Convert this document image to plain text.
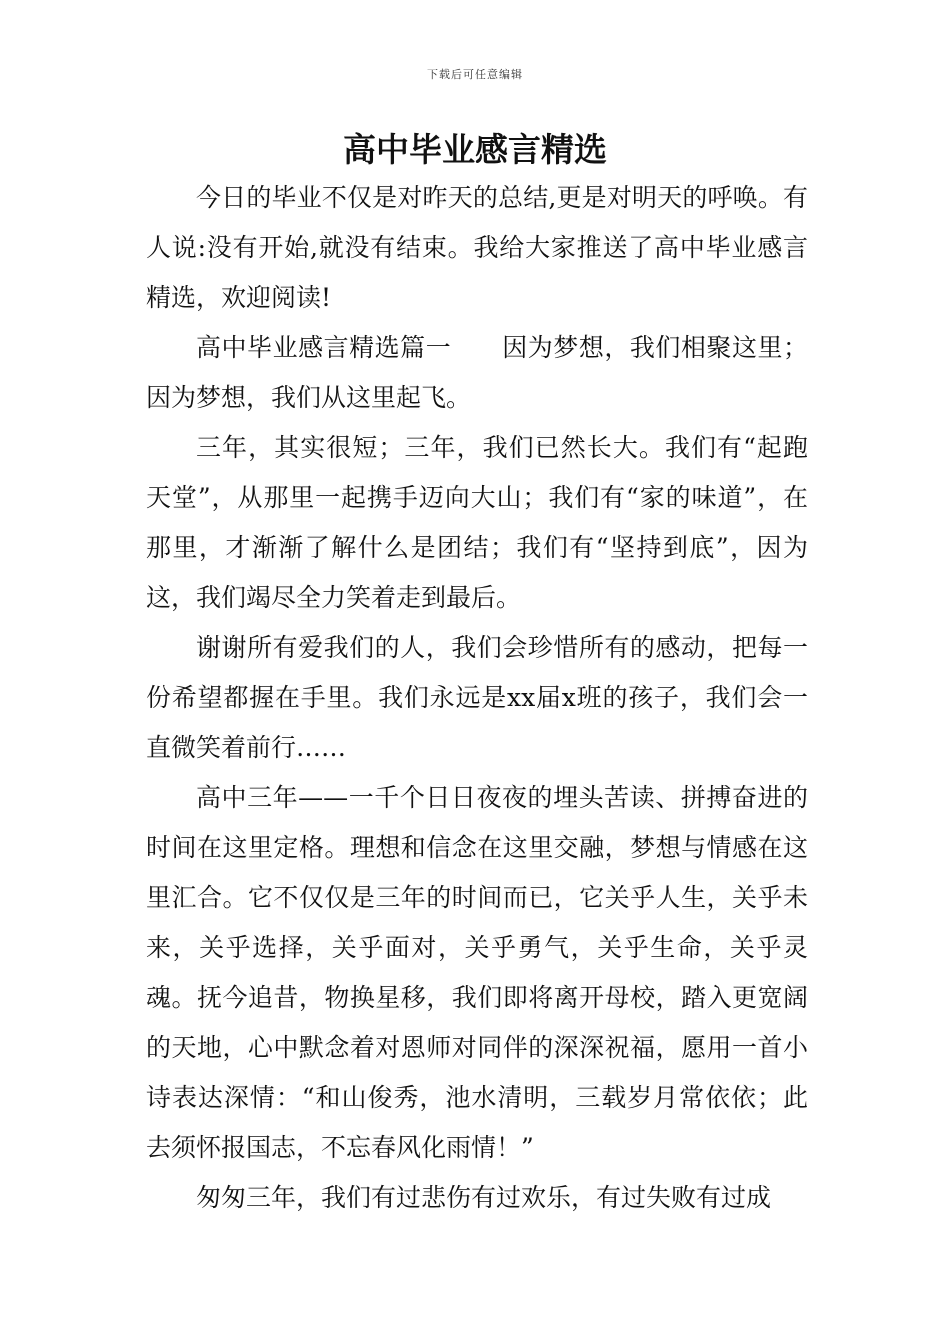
下载后可任意编辑
高中毕业感言精选

今日的毕业不仅是对昨天的总结,更是对明天的呼唤。有人说:没有开始,就没有结束。我给大家推送了高中毕业感言精选，欢迎阅读!

高中毕业感言精选篇一　　因为梦想，我们相聚这里；因为梦想，我们从这里起飞。

三年，其实很短；三年，我们已然长大。我们有“起跑天堂”，从那里一起携手迈向大山；我们有“家的味道”，在那里，才渐渐了解什么是团结；我们有“坚持到底”，因为这，我们竭尽全力笑着走到最后。

谢谢所有爱我们的人，我们会珍惜所有的感动，把每一份希望都握在手里。我们永远是xx届x班的孩子，我们会一直微笑着前行……

高中三年——一千个日日夜夜的埋头苦读、拼搏奋进的时间在这里定格。理想和信念在这里交融，梦想与情感在这里汇合。它不仅仅是三年的时间而已，它关乎人生，关乎未来，关乎选择，关乎面对，关乎勇气，关乎生命，关乎灵魂。抚今追昔，物换星移，我们即将离开母校，踏入更宽阔的天地，心中默念着对恩师对同伴的深深祝福，愿用一首小诗表达深情：“和山俊秀，池水清明，三载岁月常依依；此去须怀报国志，不忘春风化雨情！”

匆匆三年，我们有过悲伤有过欢乐，有过失败有过成
